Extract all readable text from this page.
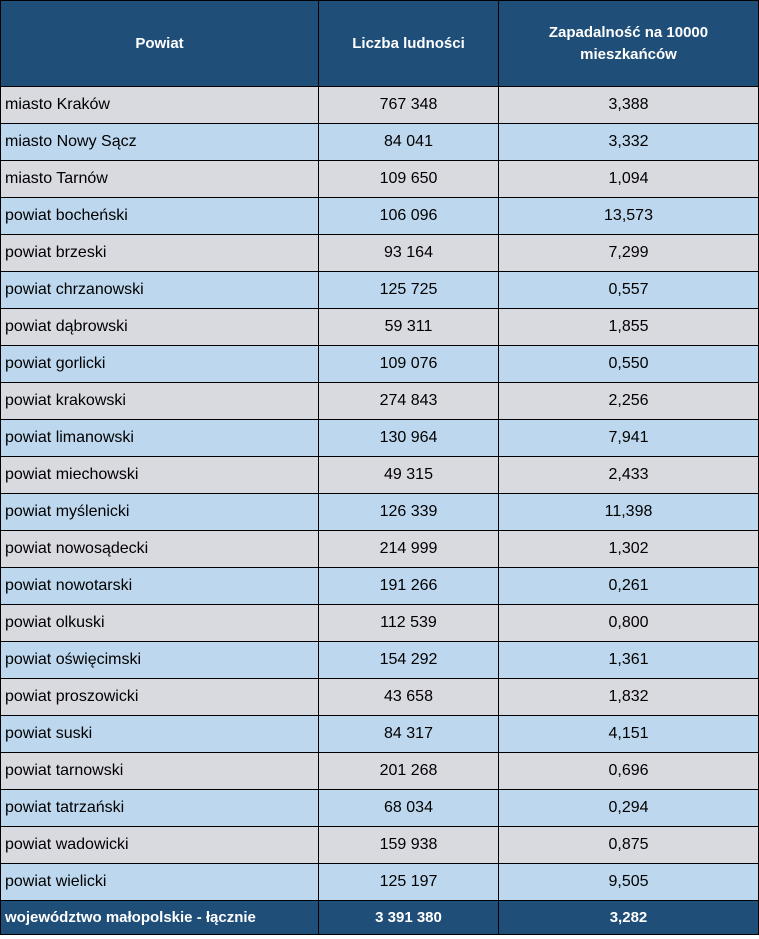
Powiat	Liczba ludności	Zapadalność na 10000 mieszkańców
miasto Kraków	767 348	3,388
miasto Nowy Sącz	84 041	3,332
miasto Tarnów	109 650	1,094
powiat bocheński	106 096	13,573
powiat brzeski	93 164	7,299
powiat chrzanowski	125 725	0,557
powiat dąbrowski	59 311	1,855
powiat gorlicki	109 076	0,550
powiat krakowski	274 843	2,256
powiat limanowski	130 964	7,941
powiat miechowski	49 315	2,433
powiat myślenicki	126 339	11,398
powiat nowosądecki	214 999	1,302
powiat nowotarski	191 266	0,261
powiat olkuski	112 539	0,800
powiat oświęcimski	154 292	1,361
powiat proszowicki	43 658	1,832
powiat suski	84 317	4,151
powiat tarnowski	201 268	0,696
powiat tatrzański	68 034	0,294
powiat wadowicki	159 938	0,875
powiat wielicki	125 197	9,505
województwo małopolskie - łącznie	3 391 380	3,282
